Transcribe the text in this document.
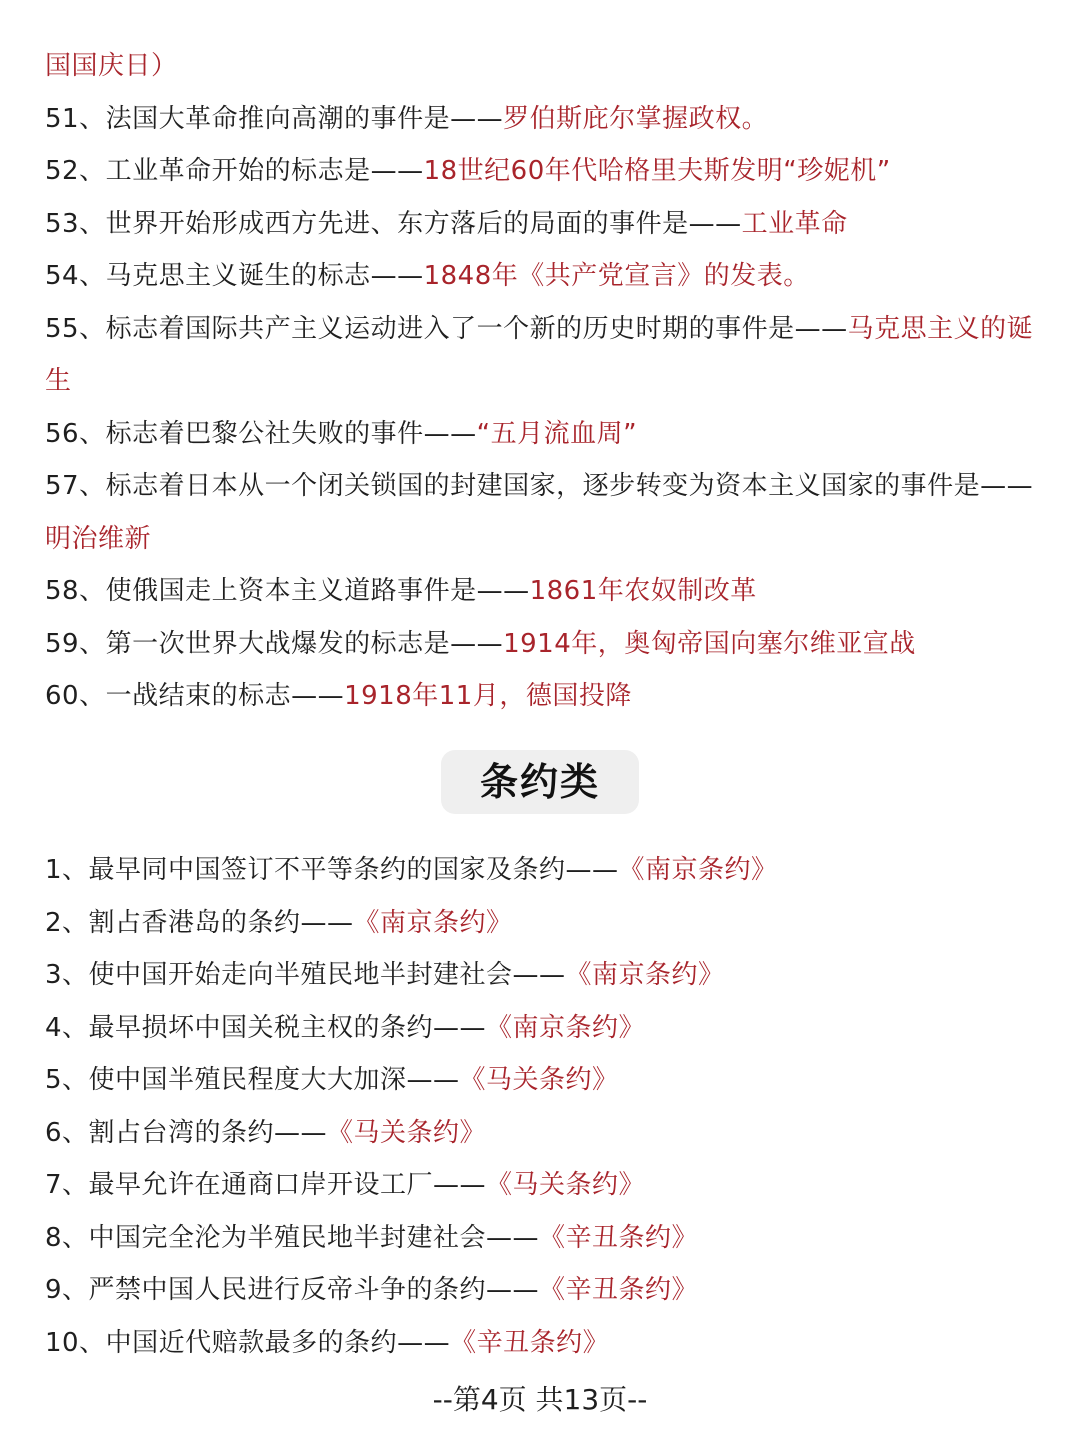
国国庆日）
51、法国大革命推向高潮的事件是——罗伯斯庇尔掌握政权。
52、工业革命开始的标志是——18世纪60年代哈格里夫斯发明“珍妮机”
53、世界开始形成西方先进、东方落后的局面的事件是——工业革命
54、马克思主义诞生的标志——1848年《共产党宣言》的发表。
55、标志着国际共产主义运动进入了一个新的历史时期的事件是——马克思主义的诞生
56、标志着巴黎公社失败的事件——“五月流血周”
57、标志着日本从一个闭关锁国的封建国家，逐步转变为资本主义国家的事件是——明治维新
58、使俄国走上资本主义道路事件是——1861年农奴制改革
59、第一次世界大战爆发的标志是——1914年，奥匈帝国向塞尔维亚宣战
60、一战结束的标志——1918年11月，德国投降
条约类
1、最早同中国签订不平等条约的国家及条约——《南京条约》
2、割占香港岛的条约——《南京条约》
3、使中国开始走向半殖民地半封建社会——《南京条约》
4、最早损坏中国关税主权的条约——《南京条约》
5、使中国半殖民程度大大加深——《马关条约》
6、割占台湾的条约——《马关条约》
7、最早允许在通商口岸开设工厂——《马关条约》
8、中国完全沦为半殖民地半封建社会——《辛丑条约》
9、严禁中国人民进行反帝斗争的条约——《辛丑条约》
10、中国近代赔款最多的条约——《辛丑条约》
--第4页 共13页--
